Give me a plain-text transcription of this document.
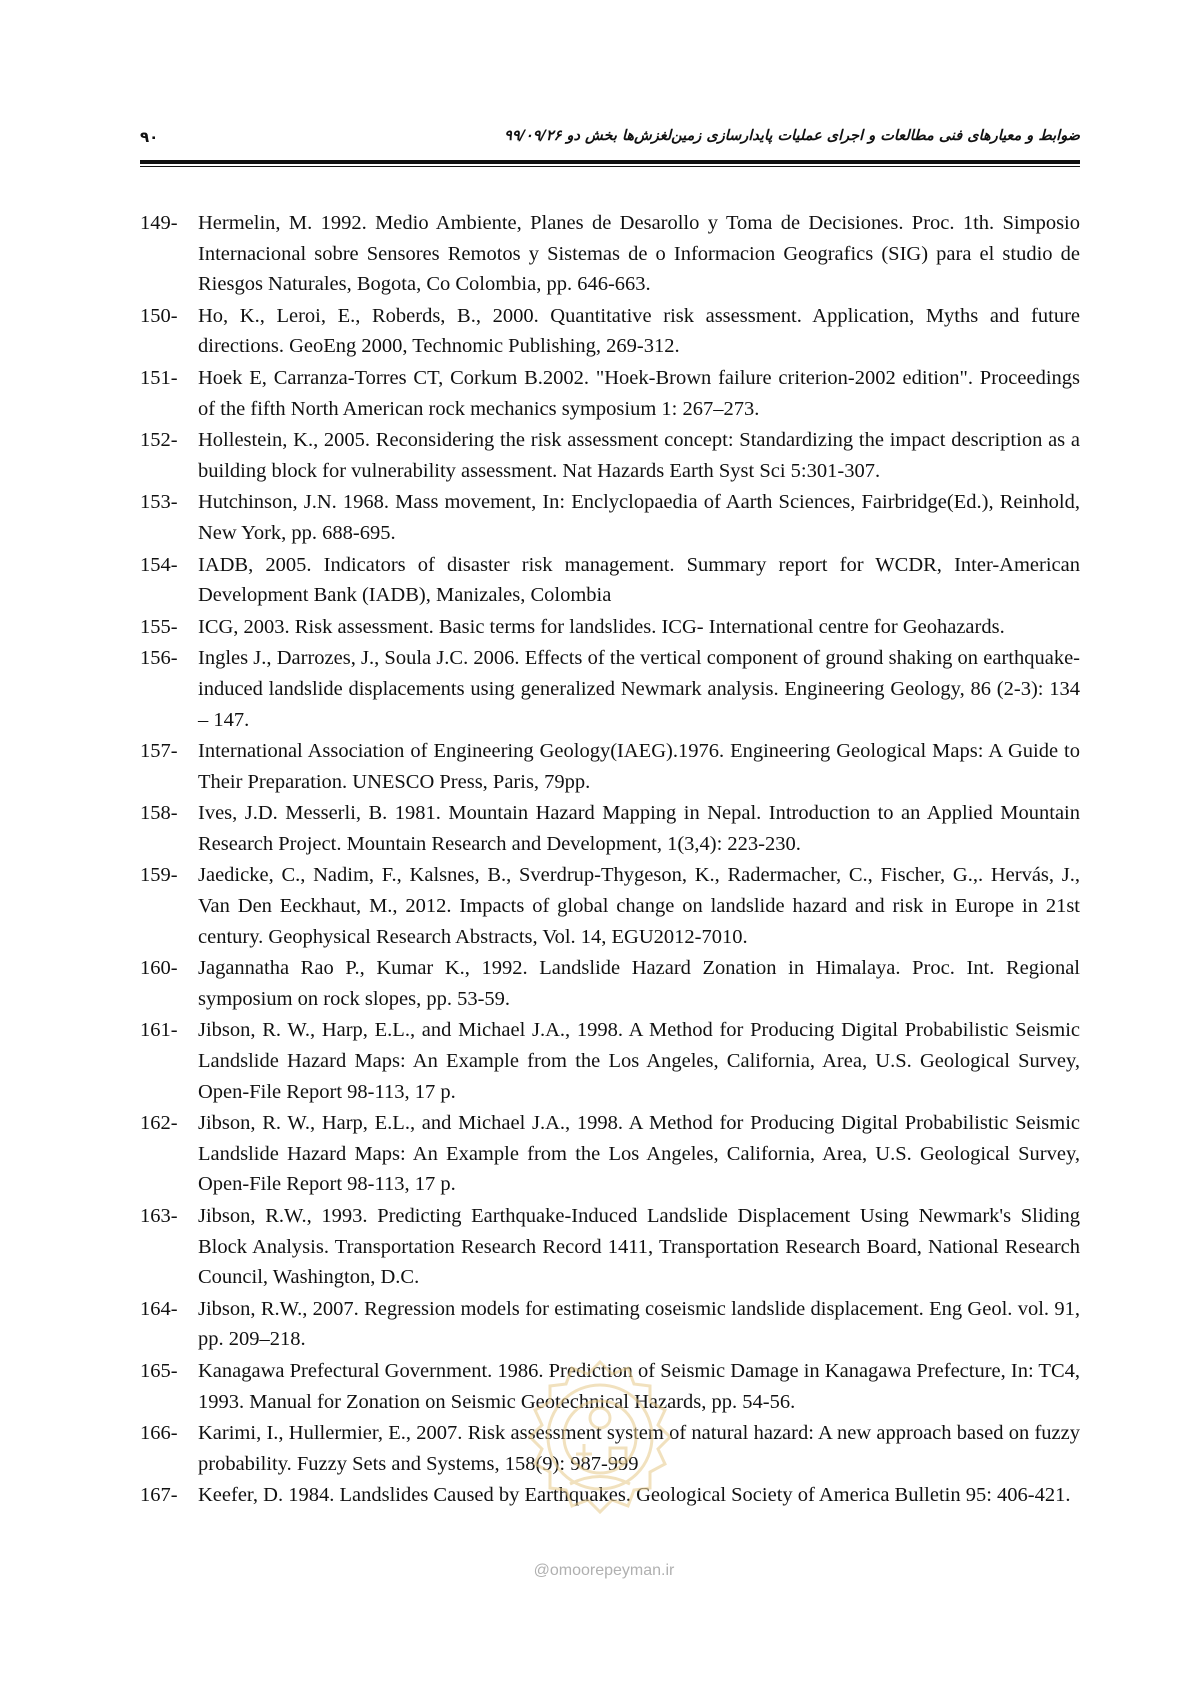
۹۰	ضوابط و معیارهای فنی مطالعات و اجرای عملیات پایدارسازی زمین‌لغزش‌ها بخش دو ۹۹/۰۹/۲۶
149- Hermelin, M. 1992. Medio Ambiente, Planes de Desarollo y Toma de Decisiones. Proc. 1th. Simposio Internacional sobre Sensores Remotos y Sistemas de o Informacion Geografics (SIG) para el studio de Riesgos Naturales, Bogota, Co Colombia, pp. 646-663.
150- Ho, K., Leroi, E., Roberds, B., 2000. Quantitative risk assessment. Application, Myths and future directions. GeoEng 2000, Technomic Publishing, 269-312.
151- Hoek E, Carranza-Torres CT, Corkum B.2002. "Hoek-Brown failure criterion-2002 edition". Proceedings of the fifth North American rock mechanics symposium 1: 267–273.
152- Hollestein, K., 2005. Reconsidering the risk assessment concept: Standardizing the impact description as a building block for vulnerability assessment. Nat Hazards Earth Syst Sci 5:301-307.
153- Hutchinson, J.N. 1968. Mass movement, In: Enclyclopaedia of Aarth Sciences, Fairbridge(Ed.), Reinhold, New York, pp. 688-695.
154- IADB, 2005. Indicators of disaster risk management. Summary report for WCDR, Inter-American Development Bank (IADB), Manizales, Colombia
155- ICG, 2003. Risk assessment. Basic terms for landslides. ICG- International centre for Geohazards.
156- Ingles J., Darrozes, J., Soula J.C. 2006. Effects of the vertical component of ground shaking on earthquake-induced landslide displacements using generalized Newmark analysis. Engineering Geology, 86 (2-3): 134 – 147.
157- International Association of Engineering Geology(IAEG).1976. Engineering Geological Maps: A Guide to Their Preparation. UNESCO Press, Paris, 79pp.
158- Ives, J.D. Messerli, B. 1981. Mountain Hazard Mapping in Nepal. Introduction to an Applied Mountain Research Project. Mountain Research and Development, 1(3,4): 223-230.
159- Jaedicke, C., Nadim, F., Kalsnes, B., Sverdrup-Thygeson, K., Radermacher, C., Fischer, G.,. Hervás, J., Van Den Eeckhaut, M., 2012. Impacts of global change on landslide hazard and risk in Europe in 21st century. Geophysical Research Abstracts, Vol. 14, EGU2012-7010.
160- Jagannatha Rao P., Kumar K., 1992. Landslide Hazard Zonation in Himalaya. Proc. Int. Regional symposium on rock slopes, pp. 53-59.
161- Jibson, R. W., Harp, E.L., and Michael J.A., 1998. A Method for Producing Digital Probabilistic Seismic Landslide Hazard Maps: An Example from the Los Angeles, California, Area, U.S. Geological Survey, Open-File Report 98-113, 17 p.
162- Jibson, R. W., Harp, E.L., and Michael J.A., 1998. A Method for Producing Digital Probabilistic Seismic Landslide Hazard Maps: An Example from the Los Angeles, California, Area, U.S. Geological Survey, Open-File Report 98-113, 17 p.
163- Jibson, R.W., 1993. Predicting Earthquake-Induced Landslide Displacement Using Newmark's Sliding Block Analysis. Transportation Research Record 1411, Transportation Research Board, National Research Council, Washington, D.C.
164- Jibson, R.W., 2007. Regression models for estimating coseismic landslide displacement. Eng Geol. vol. 91, pp. 209–218.
165- Kanagawa Prefectural Government. 1986. Prediction of Seismic Damage in Kanagawa Prefecture, In: TC4, 1993. Manual for Zonation on Seismic Geotechnical Hazards, pp. 54-56.
166- Karimi, I., Hullermier, E., 2007. Risk assessment system of natural hazard: A new approach based on fuzzy probability. Fuzzy Sets and Systems, 158(9): 987-999
167- Keefer, D. 1984. Landslides Caused by Earthquakes. Geological Society of America Bulletin 95: 406-421.
@omoorepeyman.ir
